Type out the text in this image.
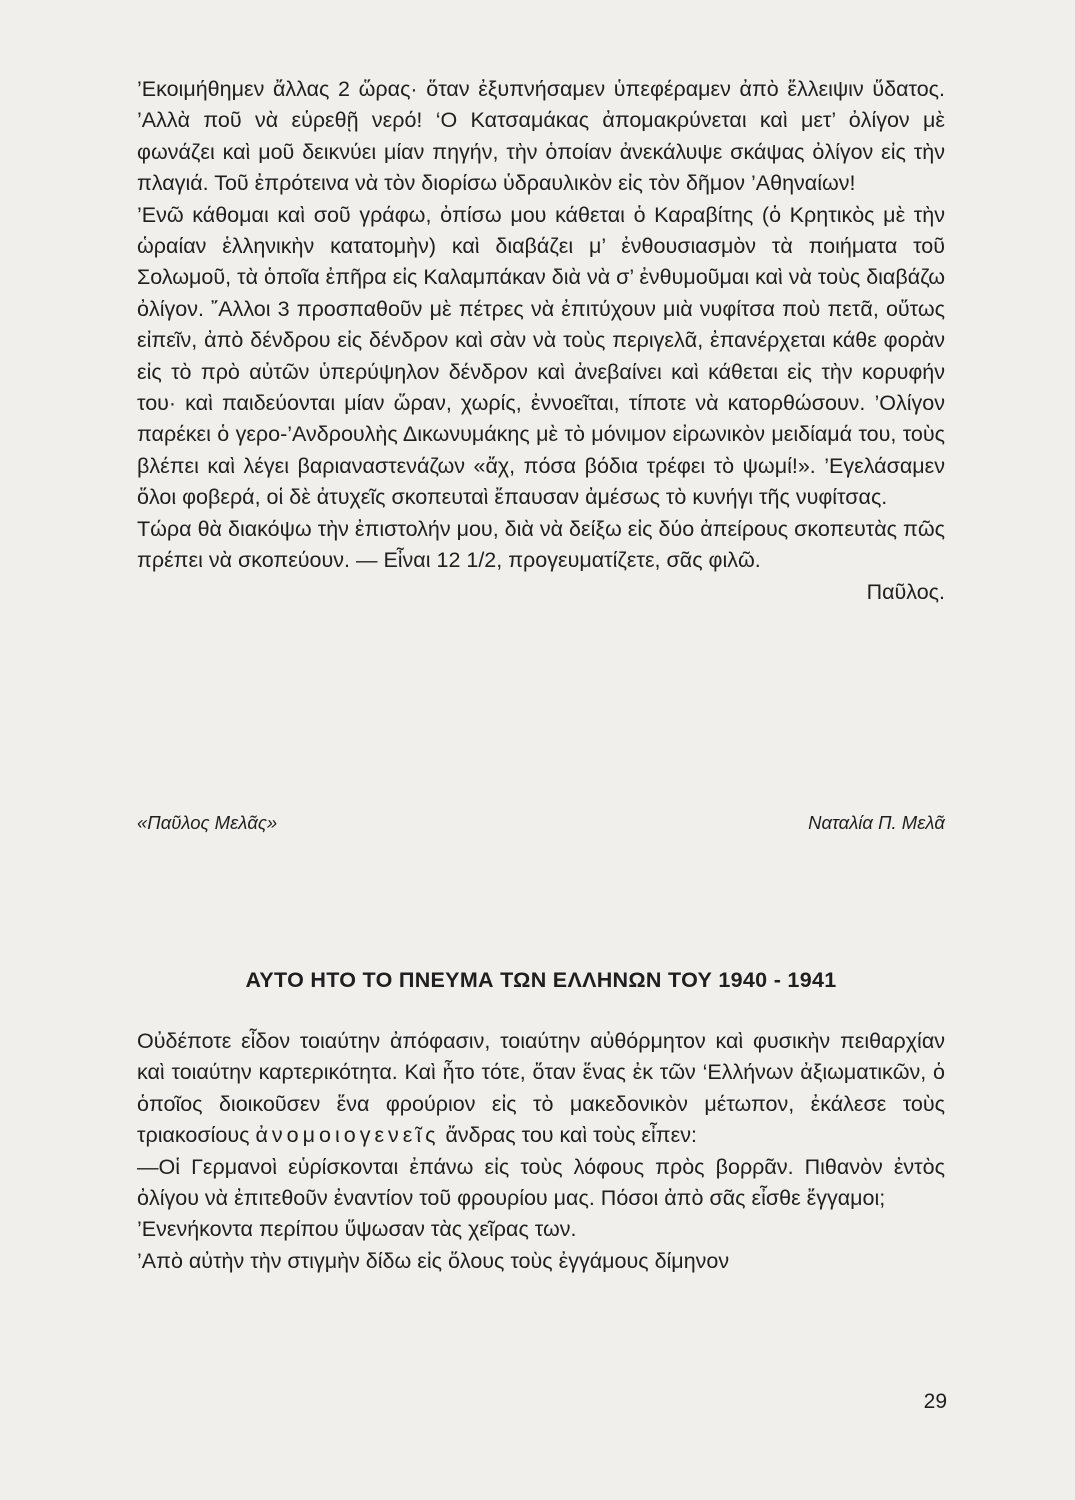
’Εκοιμήθημεν ἄλλας 2 ὥρας· ὅταν ἐξυπνήσαμεν ὑπεφέραμεν ἀπὸ ἔλλειψιν ὕδατος. ’Αλλὰ ποῦ νὰ εὑρεθῇ νερό! ‘Ο Κατσαμάκας ἀπομακρύνεται καὶ μετ’ ὀλίγον μὲ φωνάζει καὶ μοῦ δεικνύει μίαν πηγήν, τὴν ὁποίαν ἀνεκάλυψε σκάψας ὀλίγον εἰς τὴν πλαγιά. Τοῦ ἐπρότεινα νὰ τὸν διορίσω ὑδραυλικὸν εἰς τὸν δῆμον ’Αθηναίων!

’Ενῶ κάθομαι καὶ σοῦ γράφω, ὀπίσω μου κάθεται ὁ Καραβίτης (ὁ Κρητικὸς μὲ τὴν ὡραίαν ἑλληνικὴν κατατομὴν) καὶ διαβάζει μ’ ἐνθουσιασμὸν τὰ ποιήματα τοῦ Σολωμοῦ, τὰ ὁποῖα ἐπῆρα εἰς Καλαμπάκαν διὰ νὰ σ’ ἐνθυμοῦμαι καὶ νὰ τοὺς διαβάζω ὀλίγον. ῎Αλλοι 3 προσπαθοῦν μὲ πέτρες νὰ ἐπιτύχουν μιὰ νυφίτσα ποὺ πετᾶ, οὕτως εἰπεῖν, ἀπὸ δένδρου εἰς δένδρον καὶ σὰν νὰ τοὺς περιγελᾶ, ἐπανέρχεται κάθε φορὰν εἰς τὸ πρὸ αὐτῶν ὑπερύψηλον δένδρον καὶ ἀνεβαίνει καὶ κάθεται εἰς τὴν κορυφήν του· καὶ παιδεύονται μίαν ὥραν, χωρίς, ἐννοεῖται, τίποτε νὰ κατορθώσουν. ’Ολίγον παρέκει ὁ γερο-’Ανδρουλὴς Δικωνυμάκης μὲ τὸ μόνιμον εἰρωνικὸν μειδίαμά του, τοὺς βλέπει καὶ λέγει βαριαναστενάζων «ἄχ, πόσα βόδια τρέφει τὸ ψωμί!». ’Εγελάσαμεν ὅλοι φοβερά, οἱ δὲ ἀτυχεῖς σκοπευταὶ ἔπαυσαν ἀμέσως τὸ κυνήγι τῆς νυφίτσας.

Τώρα θὰ διακόψω τὴν ἐπιστολήν μου, διὰ νὰ δείξω εἰς δύο ἀπείρους σκοπευτὰς πῶς πρέπει νὰ σκοπεύουν. — Εἶναι 12 1/2, προγευματίζετε, σᾶς φιλῶ.

Παῦλος.

«Παῦλος Μελᾶς»	Ναταλία Π. Μελᾶ
ΑΥΤΟ ΗΤΟ ΤΟ ΠΝΕΥΜΑ ΤΩΝ ΕΛΛΗΝΩΝ ΤΟΥ 1940 - 1941

Οὐδέποτε εἶδον τοιαύτην ἀπόφασιν, τοιαύτην αὐθόρμητον καὶ φυσικὴν πειθαρχίαν καὶ τοιαύτην καρτερικότητα. Καὶ ἦτο τότε, ὅταν ἕνας ἐκ τῶν ‘Ελλήνων ἀξιωματικῶν, ὁ ὁποῖος διοικοῦσεν ἕνα φρούριον εἰς τὸ μακεδονικὸν μέτωπον, ἐκάλεσε τοὺς τριακοσίους ἀνομοιογενεῖς ἄνδρας του καὶ τοὺς εἶπεν:

—Οἱ Γερμανοὶ εὑρίσκονται ἐπάνω εἰς τοὺς λόφους πρὸς βορρᾶν. Πιθανὸν ἐντὸς ὀλίγου νὰ ἐπιτεθοῦν ἐναντίον τοῦ φρουρίου μας. Πόσοι ἀπὸ σᾶς εἶσθε ἔγγαμοι;

’Ενενήκοντα περίπου ὕψωσαν τὰς χεῖρας των.

’Απὸ αὐτὴν τὴν στιγμὴν δίδω εἰς ὅλους τοὺς ἐγγάμους δίμηνον

29
